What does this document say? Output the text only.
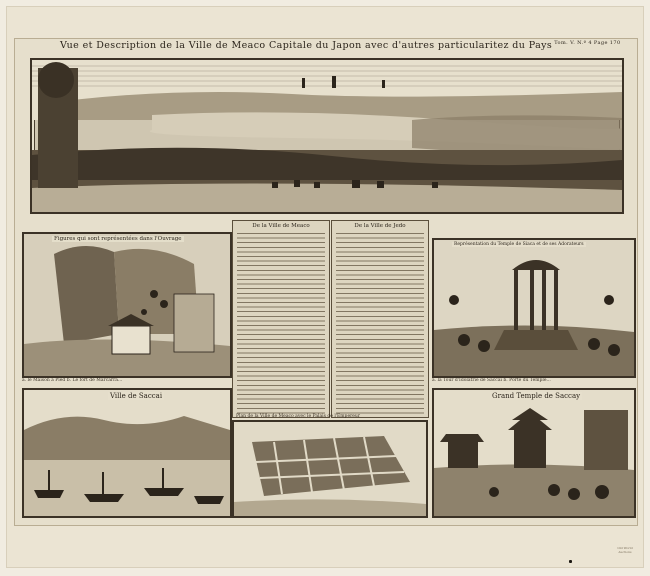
Vue et Description de la Ville de Meaco Capitale du Japon avec d'autres particularitez du Pays $^{Tom. V. N.º 4 Page 170}$
Figures qui sont représentées dans l'Ouvrage
De la Ville de Meaco	De la Ville de Jedo
Représentation du Temple de Siaca et de ses Adorateurs
Ville de Saccai	Grand Temple de Saccay
a. le Maison à Pied b. Le fort de Marcarra...
Plan de la Ville de Meaco avec le Palais de l'Empereur
a. la Tour d'Idolatrie de Saccai b. Porte du Temple...
Old World Auctions
